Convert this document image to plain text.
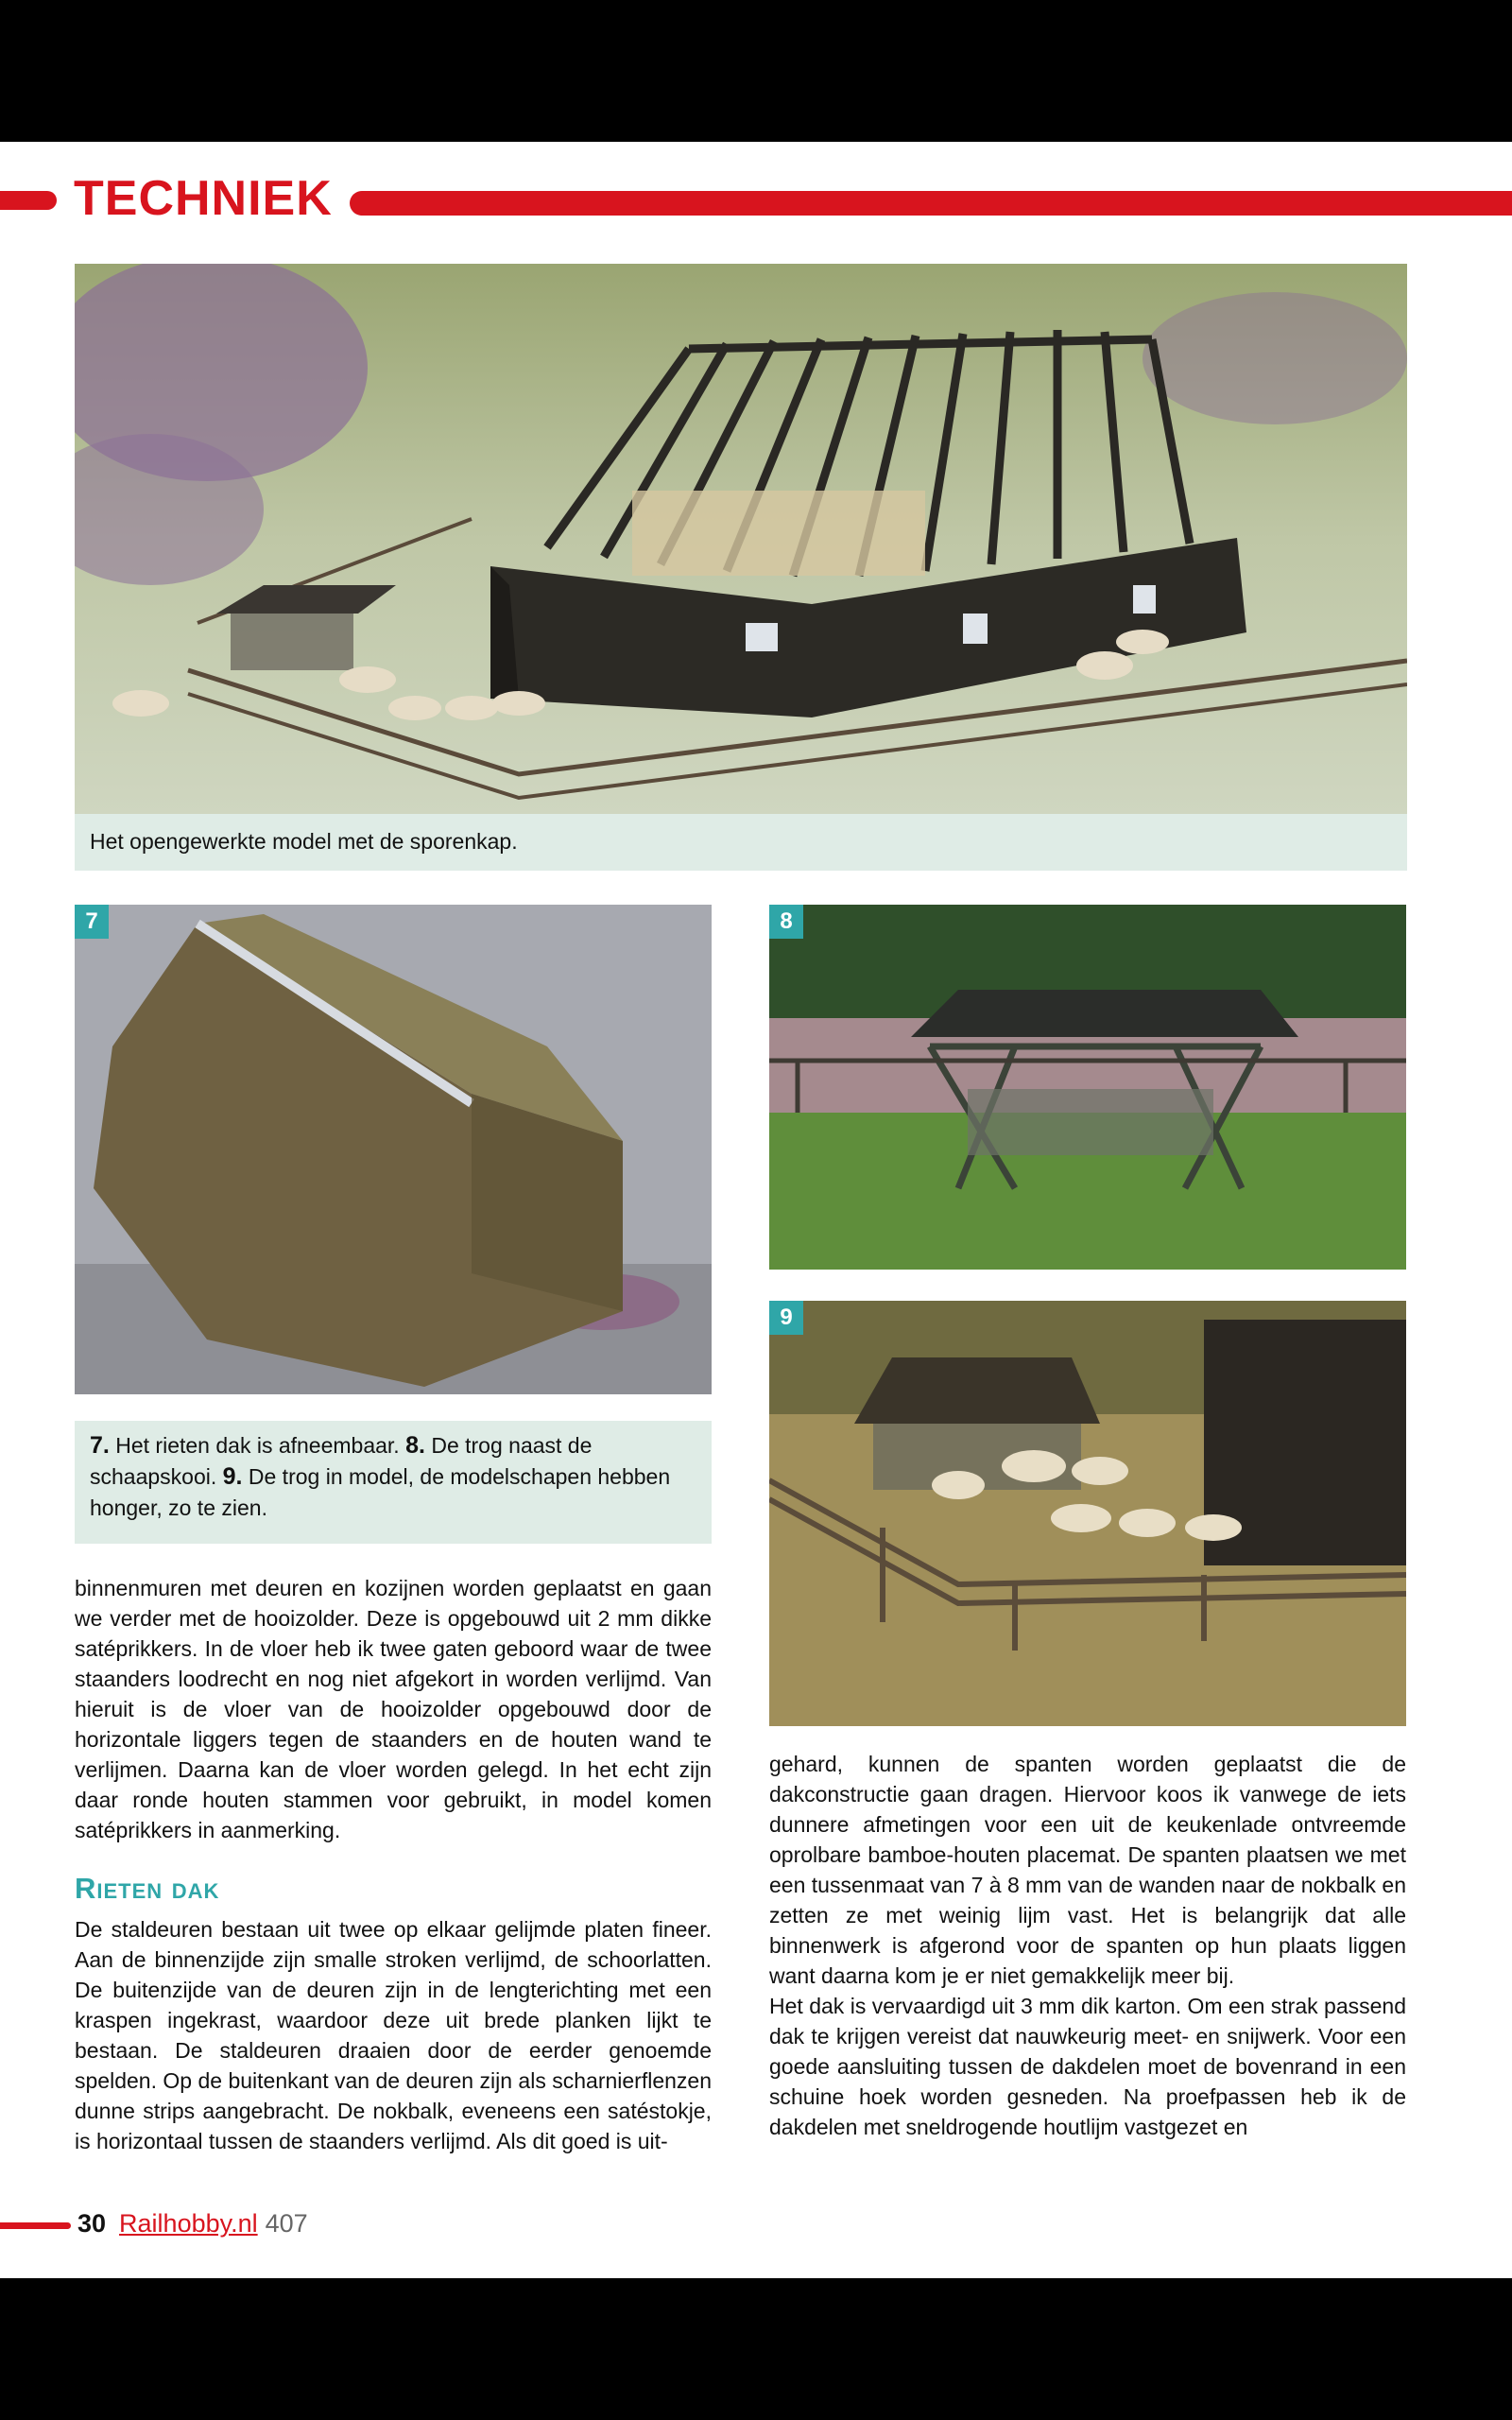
TECHNIEK
Het opengewerkte model met de sporenkap.
7
7. Het rieten dak is afneembaar. 8. De trog naast de schaapskooi. 9. De trog in model, de modelschapen hebben honger, zo te zien.
8
9

binnenmuren met deuren en kozijnen worden geplaatst en gaan we verder met de hooizolder. Deze is opgebouwd uit 2 mm dikke satéprikkers. In de vloer heb ik twee gaten geboord waar de twee staanders loodrecht en nog niet afgekort in worden verlijmd. Van hieruit is de vloer van de hooizolder opgebouwd door de horizontale liggers tegen de staanders en de houten wand te verlijmen. Daarna kan de vloer worden gelegd. In het echt zijn daar ronde houten stammen voor gebruikt, in model komen satéprikkers in aanmerking.

Rieten dak

De staldeuren bestaan uit twee op elkaar gelijmde platen fineer. Aan de binnenzijde zijn smalle stroken verlijmd, de schoorlatten. De buitenzijde van de deuren zijn in de lengterichting met een kraspen ingekrast, waardoor deze uit brede planken lijkt te bestaan. De staldeuren draaien door de eerder genoemde spelden. Op de buitenkant van de deuren zijn als scharnierflenzen dunne strips aangebracht. De nokbalk, eveneens een satéstokje, is horizontaal tussen de staanders verlijmd. Als dit goed is uit-

gehard, kunnen de spanten worden geplaatst die de dakconstructie gaan dragen. Hiervoor koos ik vanwege de iets dunnere afmetingen voor een uit de keukenlade ontvreemde oprolbare bamboe-houten placemat. De spanten plaatsen we met een tussenmaat van 7 à 8 mm van de wanden naar de nokbalk en zetten ze met weinig lijm vast. Het is belangrijk dat alle binnenwerk is afgerond voor de spanten op hun plaats liggen want daarna kom je er niet gemakkelijk meer bij.

Het dak is vervaardigd uit 3 mm dik karton. Om een strak passend dak te krijgen vereist dat nauwkeurig meet- en snijwerk. Voor een goede aansluiting tussen de dakdelen moet de bovenrand in een schuine hoek worden gesneden. Na proefpassen heb ik de dakdelen met sneldrogende houtlijm vastgezet en

30 Railhobby.nl 407
